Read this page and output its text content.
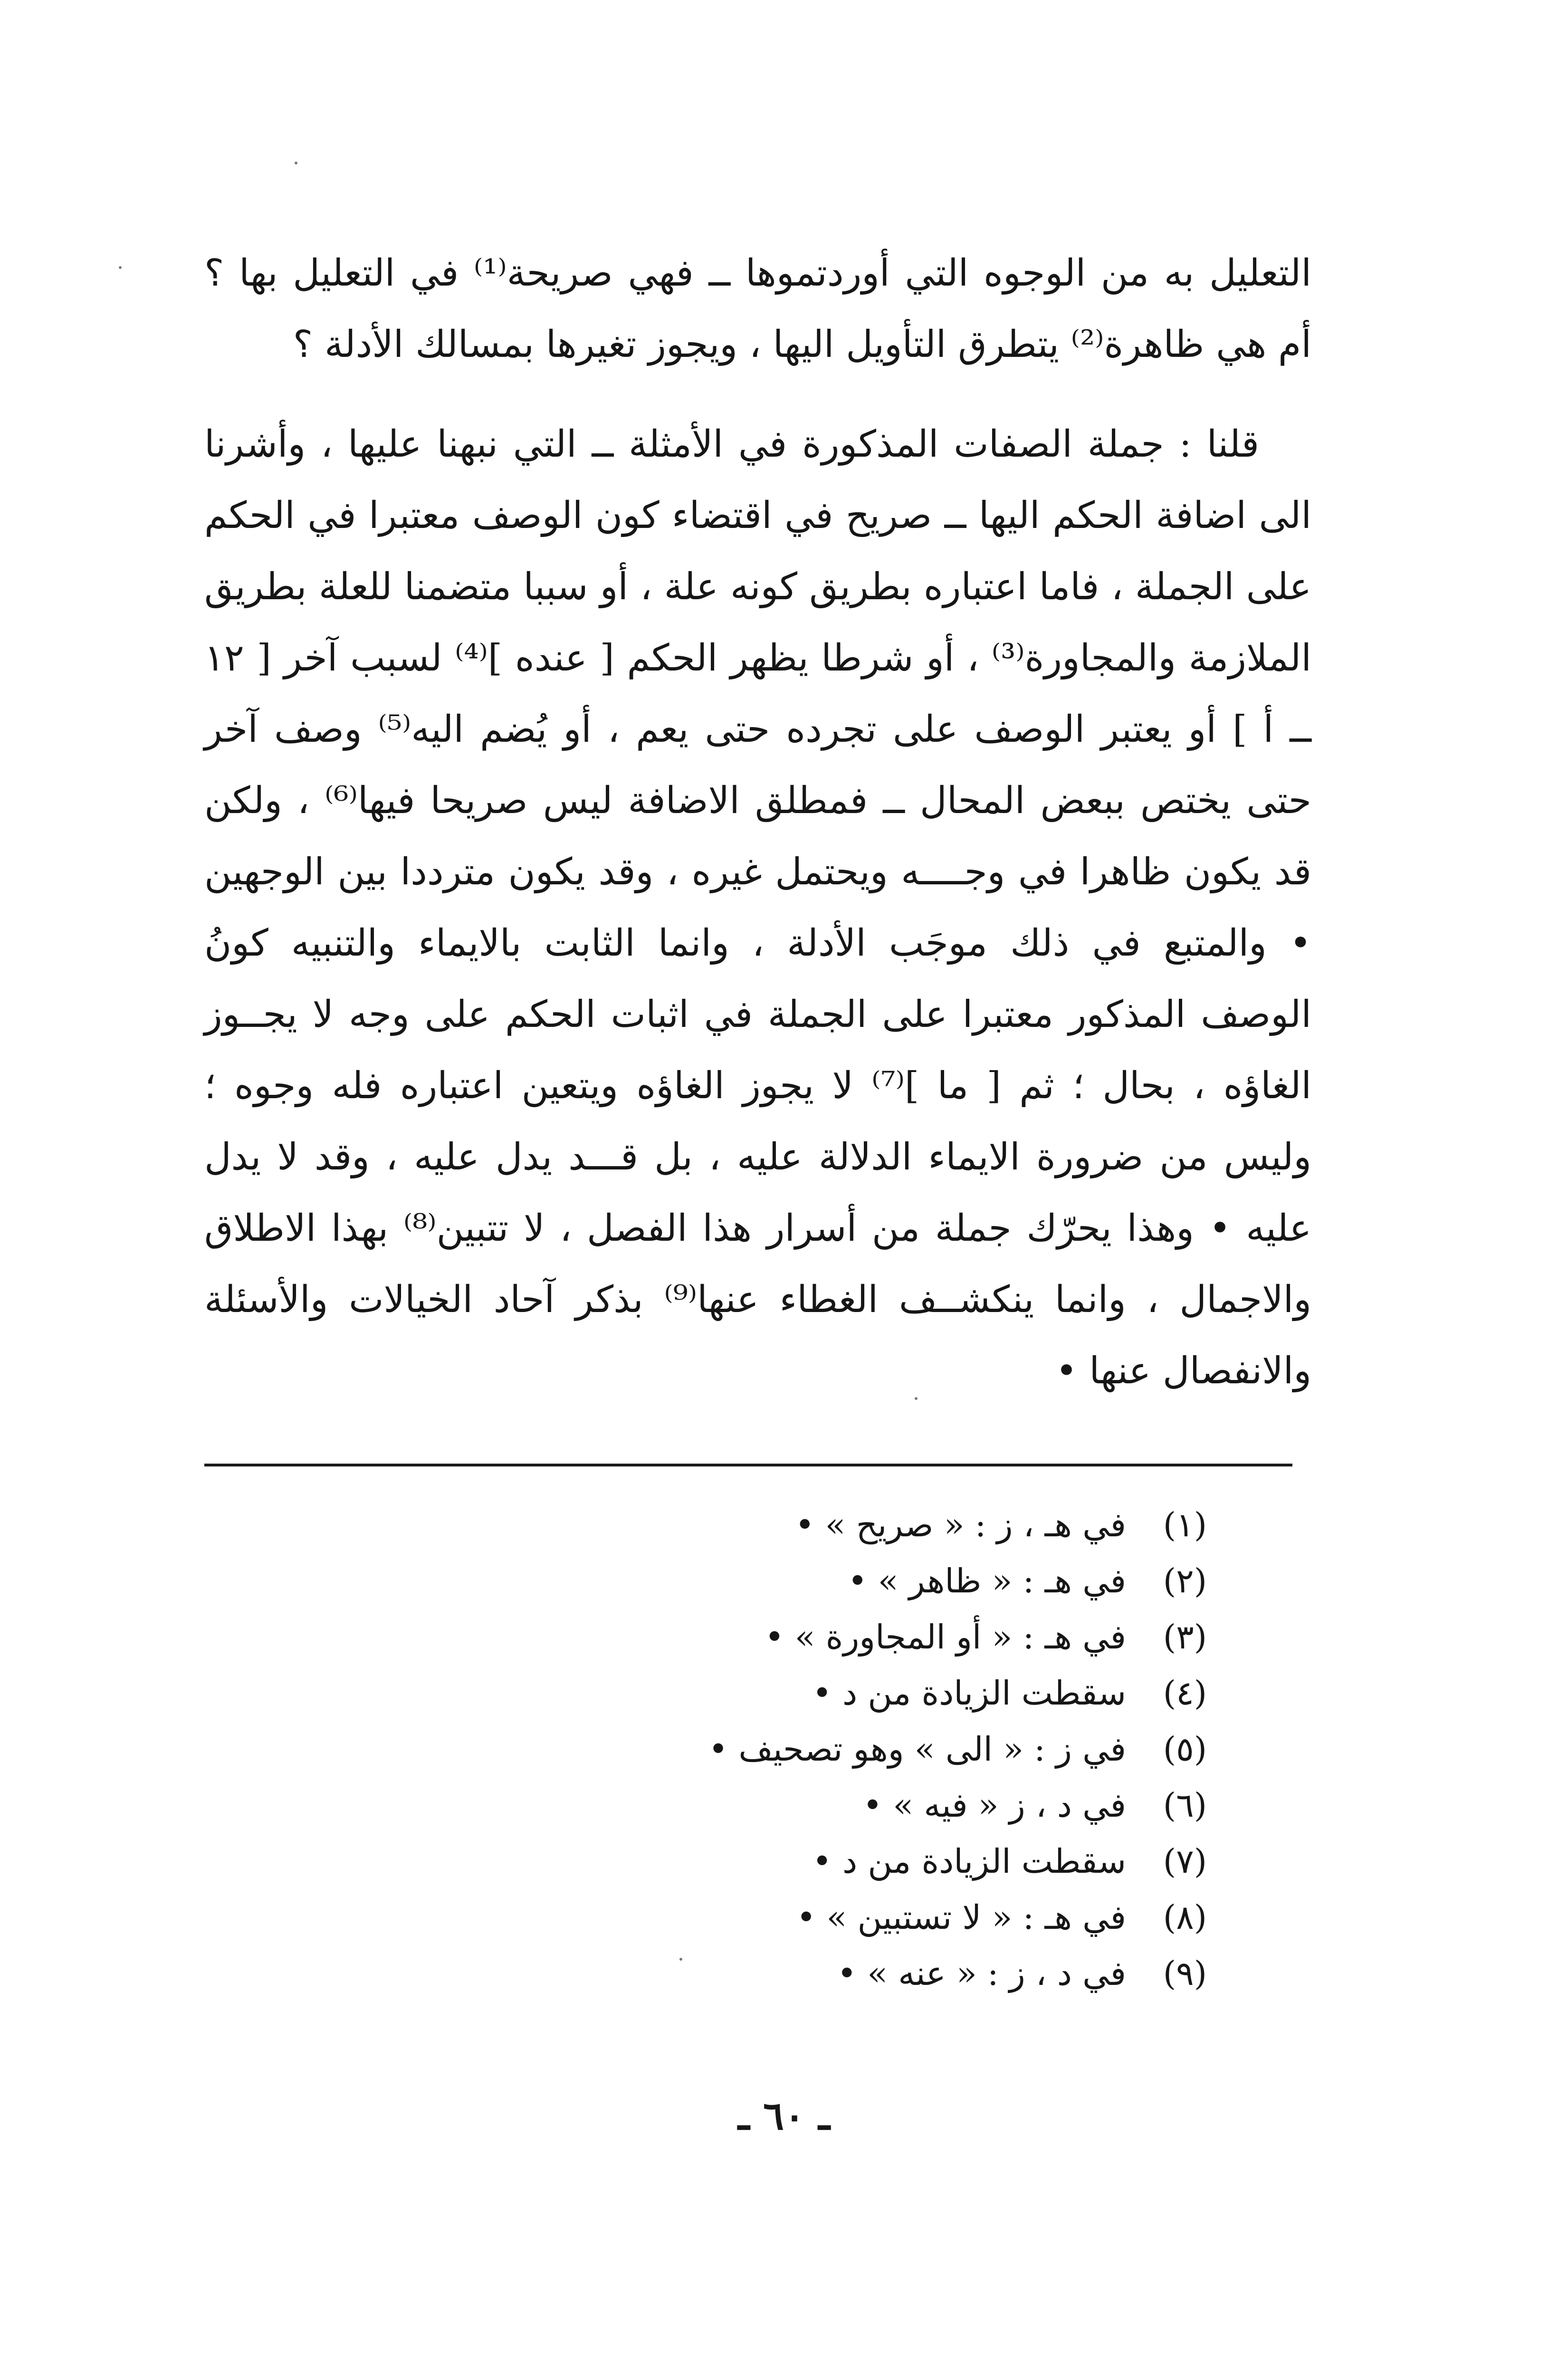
التعليل به من الوجوه التي أوردتموها ــ فهي صريحة⁽¹⁾ في التعليل بها ؟ أم هي ظاهرة⁽²⁾ يتطرق التأويل اليها ، ويجوز تغيرها بمسالك الأدلة ؟

قلنا : جملة الصفات المذكورة في الأمثلة ــ التي نبهنا عليها ، وأشرنا الى اضافة الحكم اليها ــ صريح في اقتضاء كون الوصف معتبرا في الحكم على الجملة ، فاما اعتباره بطريق كونه علة ، أو سببا متضمنا للعلة بطريق الملازمة والمجاورة⁽³⁾ ، أو شرطا يظهر الحكم [ عنده ]⁽⁴⁾ لسبب آخر [ ١٢ ــ أ ] أو يعتبر الوصف على تجرده حتى يعم ، أو يُضم اليه⁽⁵⁾ وصف آخر حتى يختص ببعض المحال ــ فمطلق الاضافة ليس صريحا فيها⁽⁶⁾ ، ولكن قد يكون ظاهرا في وجــــه ويحتمل غيره ، وقد يكون مترددا بين الوجهين • والمتبع في ذلك موجَب الأدلة ، وانما الثابت بالايماء والتنبيه كونُ الوصف المذكور معتبرا على الجملة في اثبات الحكم على وجه لا يجــوز الغاؤه ، بحال ؛ ثم [ ما ]⁽⁷⁾ لا يجوز الغاؤه ويتعين اعتباره فله وجوه ؛ وليس من ضرورة الايماء الدلالة عليه ، بل قـــد يدل عليه ، وقد لا يدل عليه • وهذا يحرّك جملة من أسرار هذا الفصل ، لا تتبين⁽⁸⁾ بهذا الاطلاق والاجمال ، وانما ينكشــف الغطاء عنها⁽⁹⁾ بذكر آحاد الخيالات والأسئلة والانفصال عنها •

(١)في هـ ، ز : « صريح » •
(٢)في هـ : « ظاهر » •
(٣)في هـ : « أو المجاورة » •
(٤)سقطت الزيادة من د •
(٥)في ز : « الى » وهو تصحيف •
(٦)في د ، ز « فيه » •
(٧)سقطت الزيادة من د •
(٨)في هـ : « لا تستبين » •
(٩)في د ، ز : « عنه » •
ـ ٦٠ ـ
